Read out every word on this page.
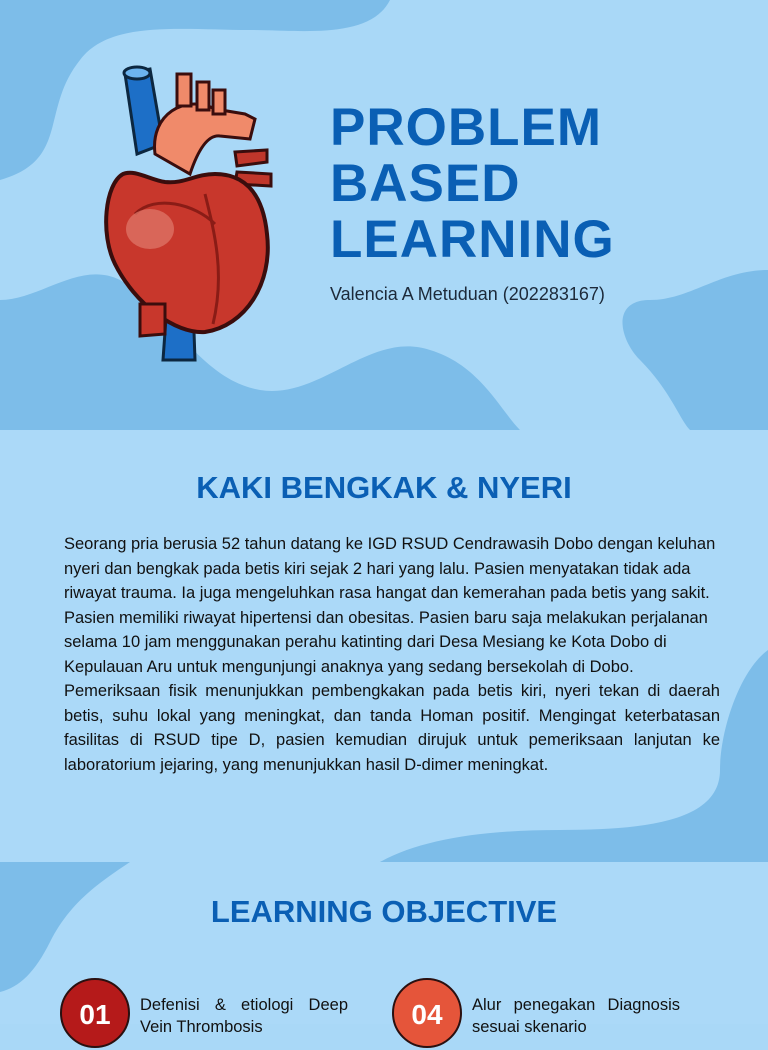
PROBLEM
BASED
LEARNING
Valencia A Metuduan (202283167)
KAKI BENGKAK & NYERI

Seorang pria berusia 52 tahun datang ke IGD RSUD Cendrawasih Dobo dengan keluhan nyeri dan bengkak pada betis kiri sejak 2 hari yang lalu. Pasien menyatakan tidak ada riwayat trauma. Ia juga mengeluhkan rasa hangat dan kemerahan pada betis yang sakit. Pasien memiliki riwayat hipertensi dan obesitas. Pasien baru saja melakukan perjalanan selama 10 jam menggunakan perahu katinting dari Desa Mesiang ke Kota Dobo di Kepulauan Aru untuk mengunjungi anaknya yang sedang bersekolah di Dobo.

Pemeriksaan fisik menunjukkan pembengkakan pada betis kiri, nyeri tekan di daerah betis, suhu lokal yang meningkat, dan tanda Homan positif. Mengingat keterbatasan fasilitas di RSUD tipe D, pasien kemudian dirujuk untuk pemeriksaan lanjutan ke laboratorium jejaring, yang menunjukkan hasil D-dimer meningkat.

LEARNING OBJECTIVE
01	Defenisi & etiologi Deep Vein Thrombosis	04	Alur penegakan Diagnosis sesuai skenario
